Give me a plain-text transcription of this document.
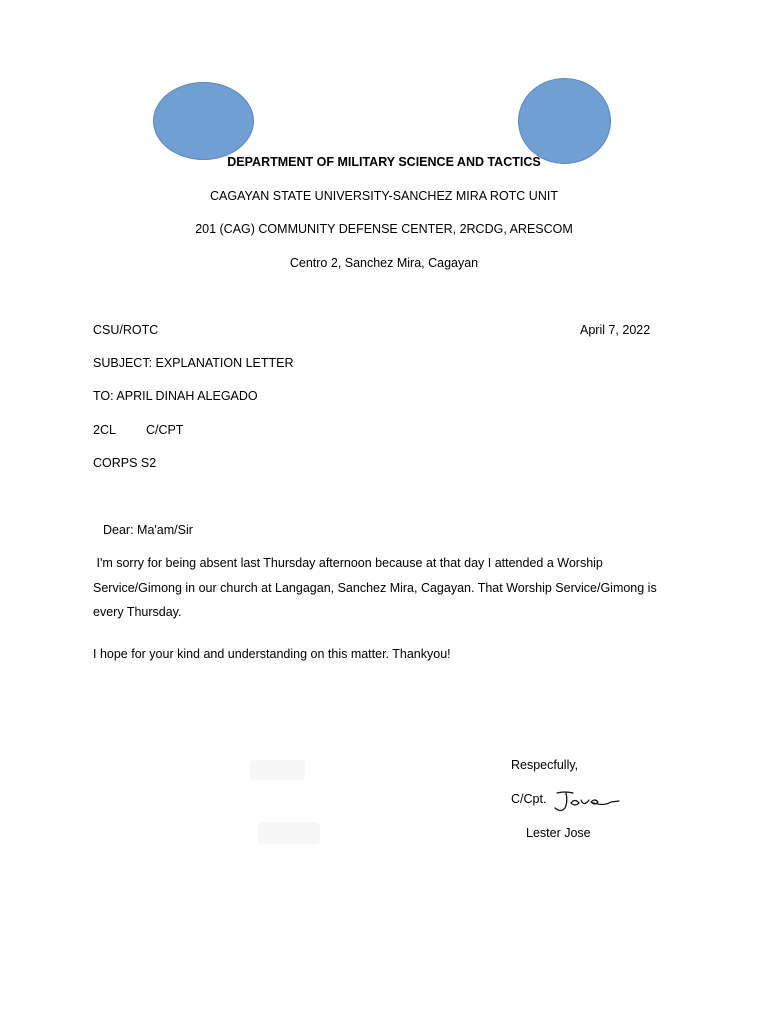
DEPARTMENT OF MILITARY SCIENCE AND TACTICS
CAGAYAN STATE UNIVERSITY-SANCHEZ MIRA ROTC UNIT
201 (CAG) COMMUNITY DEFENSE CENTER, 2RCDG, ARESCOM
Centro 2, Sanchez Mira, Cagayan
CSU/ROTC	April 7, 2022
SUBJECT: EXPLANATION LETTER
TO: APRIL DINAH ALEGADO
2CL C/CPT
CORPS S2
Dear: Ma'am/Sir
I'm sorry for being absent last Thursday afternoon because at that day I attended a Worship Service/Gimong in our church at Langagan, Sanchez Mira, Cagayan. That Worship Service/Gimong is every Thursday.
I hope for your kind and understanding on this matter. Thankyou!
Respecfully,
C/Cpt.
Lester Jose
